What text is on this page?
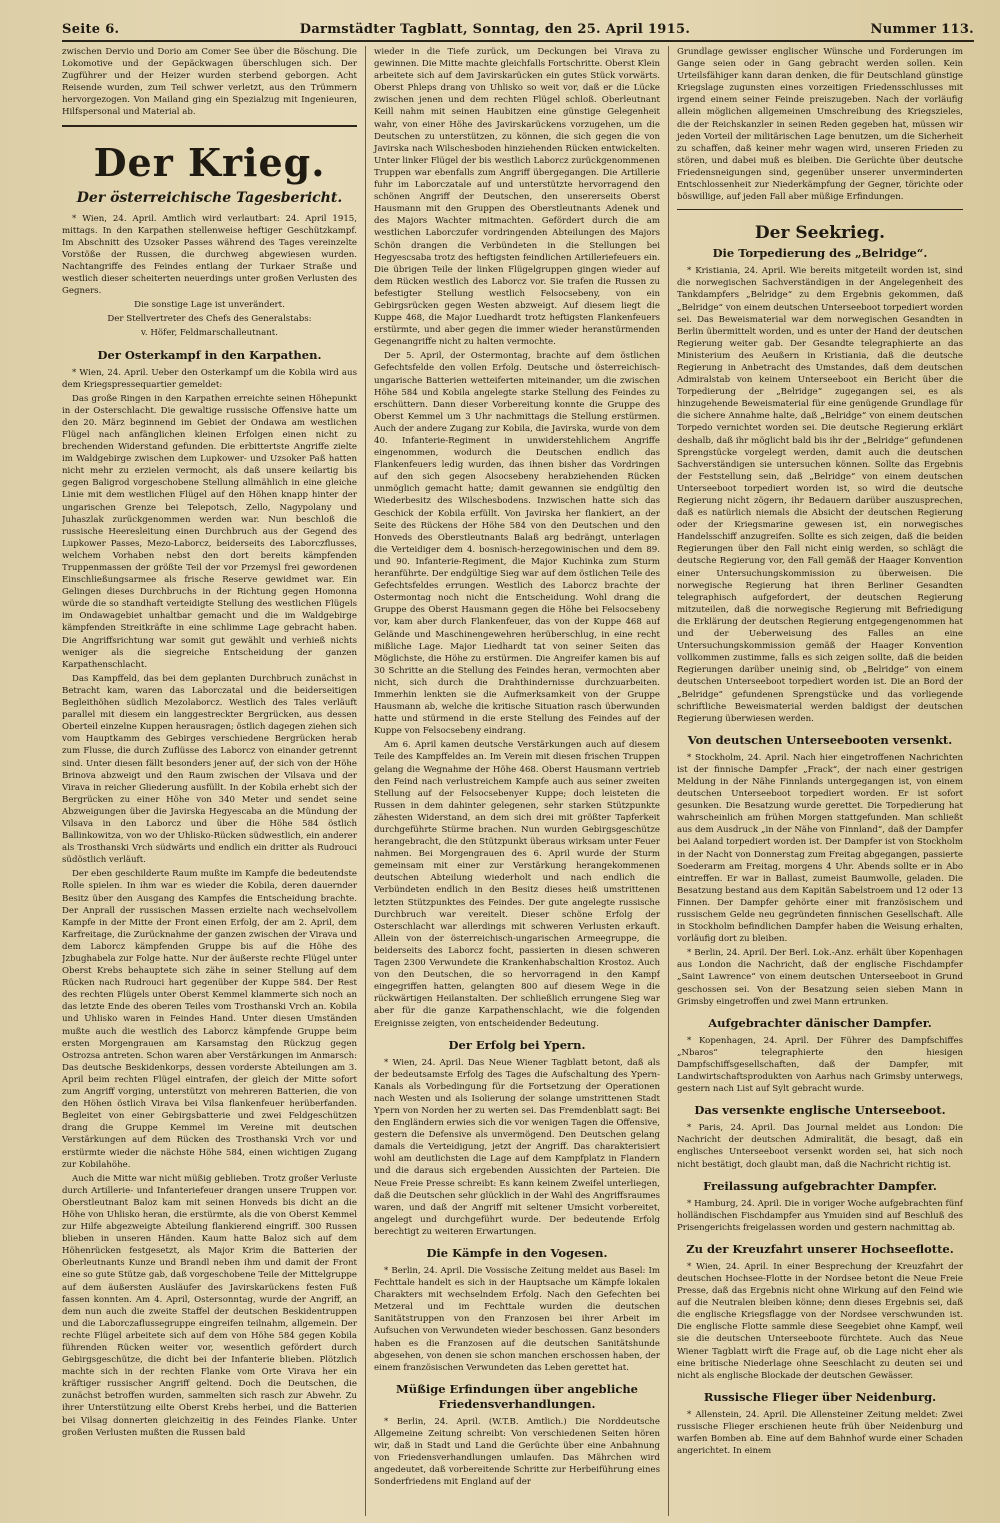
Seite 6.	Darmstädter Tagblatt, Sonntag, den 25. April 1915.	Nummer 113.

zwischen Dervio und Dorio am Comer See über die Böschung. Die Lokomotive und der Gepäckwagen überschlugen sich. Der Zugführer und der Heizer wurden sterbend geborgen. Acht Reisende wurden, zum Teil schwer verletzt, aus den Trümmern hervorgezogen. Von Mailand ging ein Spezialzug mit Ingenieuren, Hilfspersonal und Material ab.

Der Krieg.
Der österreichische Tagesbericht.

* Wien, 24. April. Amtlich wird verlautbart: 24. April 1915, mittags. In den Karpathen stellenweise heftiger Geschützkampf. Im Abschnitt des Uzsoker Passes während des Tages vereinzelte Vorstöße der Russen, die durchweg abgewiesen wurden. Nachtangriffe des Feindes entlang der Turkaer Straße und westlich dieser scheiterten neuerdings unter großen Verlusten des Gegners.

Die sonstige Lage ist unverändert.

Der Stellvertreter des Chefs des Generalstabs:

v. Höfer, Feldmarschalleutnant.

Der Osterkampf in den Karpathen.

* Wien, 24. April. Ueber den Osterkampf um die Kobila wird aus dem Kriegspressequartier gemeldet:

Das große Ringen in den Karpathen erreichte seinen Höhepunkt in der Osterschlacht. Die gewaltige russische Offensive hatte um den 20. März beginnend im Gebiet der Ondawa am westlichen Flügel nach anfänglichen kleinen Erfolgen einen nicht zu brechenden Widerstand gefunden. Die erbittertste Angriffe zielte im Waldgebirge zwischen dem Lupkower- und Uzsoker Paß hatten nicht mehr zu erzielen vermocht, als daß unsere keilartig bis gegen Baligrod vorgeschobene Stellung allmählich in eine gleiche Linie mit dem westlichen Flügel auf den Höhen knapp hinter der ungarischen Grenze bei Telepotsch, Zello, Nagypolany und Juhaszlak zurückgenommen werden war. Nun beschloß die russische Heeresleitung einen Durchbruch aus der Gegend des Lupkower Passes, Mezo-Laborcz, beiderseits des Laborczflusses, welchem Vorhaben nebst den dort bereits kämpfenden Truppenmassen der größte Teil der vor Przemysl frei gewordenen Einschließungsarmee als frische Reserve gewidmet war. Ein Gelingen dieses Durchbruchs in der Richtung gegen Homonna würde die so standhaft verteidigte Stellung des westlichen Flügels im Ondawagebiet unhaltbar gemacht und die im Waldgebirge kämpfenden Streitkräfte in eine schlimme Lage gebracht haben. Die Angriffsrichtung war somit gut gewählt und verhieß nichts weniger als die siegreiche Entscheidung der ganzen Karpathenschlacht.

Das Kampffeld, das bei dem geplanten Durchbruch zunächst in Betracht kam, waren das Laborczatal und die beiderseitigen Begleithöhen südlich Mezolaborcz. Westlich des Tales verläuft parallel mit diesem ein langgestreckter Bergrücken, aus dessen Oberteil einzelne Kuppen herausragen; östlich dagegen ziehen sich vom Hauptkamm des Gebirges verschiedene Bergrücken herab zum Flusse, die durch Zuflüsse des Laborcz von einander getrennt sind. Unter diesen fällt besonders jener auf, der sich von der Höhe Brinova abzweigt und den Raum zwischen der Vilsava und der Virava in reicher Gliederung ausfüllt. In der Kobila erhebt sich der Bergrücken zu einer Höhe von 340 Meter und sendet seine Abzweigungen über die Javirska Hegyescaba an die Mündung der Vilsava in den Laborcz und über die Höhe 584 östlich Ballinkowitza, von wo der Uhlisko-Rücken südwestlich, ein anderer als Trosthanski Vrch südwärts und endlich ein dritter als Rudrouci südöstlich verläuft.

Der eben geschilderte Raum mußte im Kampfe die bedeutendste Rolle spielen. In ihm war es wieder die Kobila, deren dauernder Besitz über den Ausgang des Kampfes die Entscheidung brachte. Der Anprall der russischen Massen erzielte nach wechselvollem Kampfe in der Mitte der Front einen Erfolg, der am 2. April, dem Karfreitage, die Zurücknahme der ganzen zwischen der Virava und dem Laborcz kämpfenden Gruppe bis auf die Höhe des Jzbughabela zur Folge hatte. Nur der äußerste rechte Flügel unter Oberst Krebs behauptete sich zähe in seiner Stellung auf dem Rücken nach Rudrouci hart gegenüber der Kuppe 584. Der Rest des rechten Flügels unter Oberst Kemmel klammerte sich noch an das letzte Ende des oberen Teiles vom Trosthanski Vrch an. Kobila und Uhlisko waren in Feindes Hand. Unter diesen Umständen mußte auch die westlich des Laborcz kämpfende Gruppe beim ersten Morgengrauen am Karsamstag den Rückzug gegen Ostrozsa antreten. Schon waren aber Verstärkungen im Anmarsch: Das deutsche Beskidenkorps, dessen vorderste Abteilungen am 3. April beim rechten Flügel eintrafen, der gleich der Mitte sofort zum Angriff vorging, unterstützt von mehreren Batterien, die von den Höhen östlich Virava bei Vilsa flankenfeuer herüberfanden. Begleitet von einer Gebirgsbatterie und zwei Feldgeschützen drang die Gruppe Kemmel im Vereine mit deutschen Verstärkungen auf dem Rücken des Trosthanski Vrch vor und erstürmte wieder die nächste Höhe 584, einen wichtigen Zugang zur Kobilahöhe.

Auch die Mitte war nicht müßig geblieben. Trotz großer Verluste durch Artillerie- und Infanteriefeuer drangen unsere Truppen vor. Oberstleutnant Baloz kam mit seinen Honveds bis dicht an die Höhe von Uhlisko heran, die erstürmte, als die von Oberst Kemmel zur Hilfe abgezweigte Abteilung flankierend eingriff. 300 Russen blieben in unseren Händen. Kaum hatte Baloz sich auf dem Höhenrücken festgesetzt, als Major Krim die Batterien der Oberleutnants Kunze und Brandl neben ihm und damit der Front eine so gute Stütze gab, daß vorgeschobene Teile der Mittelgruppe auf dem äußersten Ausläufer des Javirskarückens festen Fuß fassen konnten. Am 4. April, Ostersonntag, wurde der Angriff, an dem nun auch die zweite Staffel der deutschen Beskidentruppen und die Laborczaflussegruppe eingreifen teilnahm, allgemein. Der rechte Flügel arbeitete sich auf dem von Höhe 584 gegen Kobila führenden Rücken weiter vor, wesentlich gefördert durch Gebirgsgeschütze, die dicht bei der Infanterie blieben. Plötzlich machte sich in der rechten Flanke vom Orte Virava her ein kräftiger russischer Angriff geltend. Doch die Deutschen, die zunächst betroffen wurden, sammelten sich rasch zur Abwehr. Zu ihrer Unterstützung eilte Oberst Krebs herbei, und die Batterien bei Vilsag donnerten gleichzeitig in des Feindes Flanke. Unter großen Verlusten mußten die Russen bald

wieder in die Tiefe zurück, um Deckungen bei Virava zu gewinnen. Die Mitte machte gleichfalls Fortschritte. Oberst Klein arbeitete sich auf dem Javirskarücken ein gutes Stück vorwärts. Oberst Phleps drang von Uhlisko so weit vor, daß er die Lücke zwischen jenen und dem rechten Flügel schloß. Oberleutnant Keill nahm mit seinen Haubitzen eine günstige Gelegenheit wahr, von einer Höhe des Javirskarückens vorzugehen, um die Deutschen zu unterstützen, zu können, die sich gegen die von Javirska nach Wilschesboden hinziehenden Rücken entwickelten. Unter linker Flügel der bis westlich Laborcz zurückgenommenen Truppen war ebenfalls zum Angriff übergegangen. Die Artillerie fuhr im Laborczatale auf und unterstützte hervorragend den schönen Angriff der Deutschen, den unsererseits Oberst Hausmann mit den Gruppen des Oberstleutnants Adenek und des Majors Wachter mitmachten. Gefördert durch die am westlichen Laborczufer vordringenden Abteilungen des Majors Schön drangen die Verbündeten in die Stellungen bei Hegyescsaba trotz des heftigsten feindlichen Artilleriefeuers ein. Die übrigen Teile der linken Flügelgruppen gingen wieder auf dem Rücken westlich des Laborcz vor. Sie trafen die Russen zu befestigter Stellung westlich Felsocsebeny, von ein Gebirgsrücken gegen Westen abzweigt. Auf diesem liegt die Kuppe 468, die Major Luedhardt trotz heftigsten Flankenfeuers erstürmte, und aber gegen die immer wieder heranstürmenden Gegenangriffe nicht zu halten vermochte.

Der 5. April, der Ostermontag, brachte auf dem östlichen Gefechtsfelde den vollen Erfolg. Deutsche und österreichisch-ungarische Batterien wetteiferten miteinander, um die zwischen Höhe 584 und Kobila angelegte starke Stellung des Feindes zu erschüttern. Dann dieser Vorbereitung konnte die Gruppe des Oberst Kemmel um 3 Uhr nachmittags die Stellung erstürmen. Auch der andere Zugang zur Kobila, die Javirska, wurde von dem 40. Infanterie-Regiment in unwiderstehlichem Angriffe eingenommen, wodurch die Deutschen endlich das Flankenfeuers ledig wurden, das ihnen bisher das Vordringen auf den sich gegen Alsocsebeny herabziehenden Rücken unmöglich gemacht hatte; damit gewannen sie endgültig den Wiederbesitz des Wilschesbodens. Inzwischen hatte sich das Geschick der Kobila erfüllt. Von Javirska her flankiert, an der Seite des Rückens der Höhe 584 von den Deutschen und den Honveds des Oberstleutnants Balaß arg bedrängt, unterlagen die Verteidiger dem 4. bosnisch-herzegowinischen und dem 89. und 90. Infanterie-Regiment, die Major Kuchinka zum Sturm heranführte. Der endgültige Sieg war auf dem östlichen Teile des Gefechtsfeldes errungen. Westlich des Laborcz brachte der Ostermontag noch nicht die Entscheidung. Wohl drang die Gruppe des Oberst Hausmann gegen die Höhe bei Felsocsebeny vor, kam aber durch Flankenfeuer, das von der Kuppe 468 auf Gelände und Maschinengewehren herüberschlug, in eine recht mißliche Lage. Major Liedhardt tat von seiner Seiten das Möglichste, die Höhe zu erstürmen. Die Angreifer kamen bis auf 30 Schritte an die Stellung des Feindes heran, vermochten aber nicht, sich durch die Drahthindernisse durchzuarbeiten. Immerhin lenkten sie die Aufmerksamkeit von der Gruppe Hausmann ab, welche die kritische Situation rasch überwunden hatte und stürmend in die erste Stellung des Feindes auf der Kuppe von Felsocsebeny eindrang.

Am 6. April kamen deutsche Verstärkungen auch auf diesem Teile des Kampffeldes an. Im Verein mit diesen frischen Truppen gelang die Wegnahme der Höhe 468. Oberst Hausmann vertrieb den Feind nach verlustreichem Kampfe auch aus seiner zweiten Stellung auf der Felsocsebenyer Kuppe; doch leisteten die Russen in dem dahinter gelegenen, sehr starken Stützpunkte zähesten Widerstand, an dem sich drei mit größter Tapferkeit durchgeführte Stürme brachen. Nun wurden Gebirgsgeschütze herangebracht, die den Stützpunkt überaus wirksam unter Feuer nahmen. Bei Morgengrauen des 6. April wurde der Sturm gemeinsam mit einer zur Verstärkung herangekommenen deutschen Abteilung wiederholt und nach endlich die Verbündeten endlich in den Besitz dieses heiß umstrittenen letzten Stützpunktes des Feindes. Der gute angelegte russische Durchbruch war vereitelt. Dieser schöne Erfolg der Osterschlacht war allerdings mit schweren Verlusten erkauft. Allein von der österreichisch-ungarischen Armeegruppe, die beiderseits des Laborcz focht, passierten in diesen schweren Tagen 2300 Verwundete die Krankenhabschaltion Krostoz. Auch von den Deutschen, die so hervorragend in den Kampf eingegriffen hatten, gelangten 800 auf diesem Wege in die rückwärtigen Heilanstalten. Der schließlich errungene Sieg war aber für die ganze Karpathenschlacht, wie die folgenden Ereignisse zeigten, von entscheidender Bedeutung.

Der Erfolg bei Ypern.

* Wien, 24. April. Das Neue Wiener Tagblatt betont, daß als der bedeutsamste Erfolg des Tages die Aufschaltung des Ypern-Kanals als Vorbedingung für die Fortsetzung der Operationen nach Westen und als Isolierung der solange umstrittenen Stadt Ypern von Norden her zu werten sei. Das Fremdenblatt sagt: Bei den Engländern erwies sich die vor wenigen Tagen die Offensive, gestern die Defensive als unvermögend. Den Deutschen gelang damals die Verteidigung, jetzt der Angriff. Das charakterisiert wohl am deutlichsten die Lage auf dem Kampfplatz in Flandern und die daraus sich ergebenden Aussichten der Parteien. Die Neue Freie Presse schreibt: Es kann keinem Zweifel unterliegen, daß die Deutschen sehr glücklich in der Wahl des Angriffsraumes waren, und daß der Angriff mit seltener Umsicht vorbereitet, angelegt und durchgeführt wurde. Der bedeutende Erfolg berechtigt zu weiteren Erwartungen.

Die Kämpfe in den Vogesen.

* Berlin, 24. April. Die Vossische Zeitung meldet aus Basel: Im Fechttale handelt es sich in der Hauptsache um Kämpfe lokalen Charakters mit wechselndem Erfolg. Nach den Gefechten bei Metzeral und im Fechttale wurden die deutschen Sanitätstruppen von den Franzosen bei ihrer Arbeit im Aufsuchen von Verwundeten wieder beschossen. Ganz besonders haben es die Franzosen auf die deutschen Sanitätshunde abgesehen, von denen sie schon manchen erschossen haben, der einem französischen Verwundeten das Leben gerettet hat.

Müßige Erfindungen über angebliche Friedensverhandlungen.

* Berlin, 24. April. (W.T.B. Amtlich.) Die Norddeutsche Allgemeine Zeitung schreibt: Von verschiedenen Seiten hören wir, daß in Stadt und Land die Gerüchte über eine Anbahnung von Friedensverhandlungen umlaufen. Das Mährchen wird angedeutet, daß vorbereitende Schritte zur Herbeiführung eines Sonderfriedens mit England auf der

Grundlage gewisser englischer Wünsche und Forderungen im Gange seien oder in Gang gebracht werden sollen. Kein Urteilsfähiger kann daran denken, die für Deutschland günstige Kriegslage zugunsten eines vorzeitigen Friedensschlusses mit irgend einem seiner Feinde preiszugeben. Nach der vorläufig allein möglichen allgemeinen Umschreibung des Kriegszieles, die der Reichskanzler in seinen Reden gegeben hat, müssen wir jeden Vorteil der militärischen Lage benutzen, um die Sicherheit zu schaffen, daß keiner mehr wagen wird, unseren Frieden zu stören, und dabei muß es bleiben. Die Gerüchte über deutsche Friedensneigungen sind, gegenüber unserer unverminderten Entschlossenheit zur Niederkämpfung der Gegner, törichte oder böswillige, auf jeden Fall aber müßige Erfindungen.

Der Seekrieg.
Die Torpedierung des „Belridge“.

* Kristiania, 24. April. Wie bereits mitgeteilt worden ist, sind die norwegischen Sachverständigen in der Angelegenheit des Tankdampfers „Belridge“ zu dem Ergebnis gekommen, daß „Belridge“ von einem deutschen Unterseeboot torpediert worden sei. Das Beweismaterial war dem norwegischen Gesandten in Berlin übermittelt worden, und es unter der Hand der deutschen Regierung weiter gab. Der Gesandte telegraphierte an das Ministerium des Aeußern in Kristiania, daß die deutsche Regierung in Anbetracht des Umstandes, daß dem deutschen Admiralstab von keinem Unterseeboot ein Bericht über die Torpedierung der „Belridge“ zugegangen sei, es als hinzugehende Beweismaterial für eine genügende Grundlage für die sichere Annahme halte, daß „Belridge“ von einem deutschen Torpedo vernichtet worden sei. Die deutsche Regierung erklärt deshalb, daß ihr möglicht bald bis ihr der „Belridge“ gefundenen Sprengstücke vorgelegt werden, damit auch die deutschen Sachverständigen sie untersuchen können. Sollte das Ergebnis der Feststellung sein, daß „Belridge“ von einem deutschen Unterseeboot torpediert worden ist, so wird die deutsche Regierung nicht zögern, ihr Bedauern darüber auszusprechen, daß es natürlich niemals die Absicht der deutschen Regierung oder der Kriegsmarine gewesen ist, ein norwegisches Handelsschiff anzugreifen. Sollte es sich zeigen, daß die beiden Regierungen über den Fall nicht einig werden, so schlägt die deutsche Regierung vor, den Fall gemäß der Haager Konvention einer Untersuchungskommission zu überweisen. Die norwegische Regierung hat ihren Berliner Gesandten telegraphisch aufgefordert, der deutschen Regierung mitzuteilen, daß die norwegische Regierung mit Befriedigung die Erklärung der deutschen Regierung entgegengenommen hat und der Ueberweisung des Falles an eine Untersuchungskommission gemäß der Haager Konvention vollkommen zustimme, falls es sich zeigen sollte, daß die beiden Regierungen darüber uneinig sind, ob „Belridge“ von einem deutschen Unterseeboot torpediert worden ist. Die an Bord der „Belridge“ gefundenen Sprengstücke und das vorliegende schriftliche Beweismaterial werden baldigst der deutschen Regierung überwiesen werden.

Von deutschen Unterseebooten versenkt.

* Stockholm, 24. April. Nach hier eingetroffenen Nachrichten ist der finnische Dampfer „Frack“, der nach einer gestrigen Meldung in der Nähe Finnlands untergegangen ist, von einem deutschen Unterseeboot torpediert worden. Er ist sofort gesunken. Die Besatzung wurde gerettet. Die Torpedierung hat wahrscheinlich am frühen Morgen stattgefunden. Man schließt aus dem Ausdruck „in der Nähe von Finnland“, daß der Dampfer bei Aaland torpediert worden ist. Der Dampfer ist von Stockholm in der Nacht von Donnerstag zum Freitag abgegangen, passierte Soederarm am Freitag, morgens 4 Uhr. Abends sollte er in Abo eintreffen. Er war in Ballast, zumeist Baumwolle, geladen. Die Besatzung bestand aus dem Kapitän Sabelstroem und 12 oder 13 Finnen. Der Dampfer gehörte einer mit französischem und russischem Gelde neu gegründeten finnischen Gesellschaft. Alle in Stockholm befindlichen Dampfer haben die Weisung erhalten, vorläufig dort zu bleiben.

* Berlin, 24. April. Der Berl. Lok.-Anz. erhält über Kopenhagen aus London die Nachricht, daß der englische Fischdampfer „Saint Lawrence“ von einem deutschen Unterseeboot in Grund geschossen sei. Von der Besatzung seien sieben Mann in Grimsby eingetroffen und zwei Mann ertrunken.

Aufgebrachter dänischer Dampfer.

* Kopenhagen, 24. April. Der Führer des Dampfschiffes „Nbaros“ telegraphierte den hiesigen Dampfschiffsgesellschaften, daß der Dampfer, mit Landwirtschaftsprodukten von Aarhus nach Grimsby unterwegs, gestern nach List auf Sylt gebracht wurde.

Das versenkte englische Unterseeboot.

* Paris, 24. April. Das Journal meldet aus London: Die Nachricht der deutschen Admiralität, die besagt, daß ein englisches Unterseeboot versenkt worden sei, hat sich noch nicht bestätigt, doch glaubt man, daß die Nachricht richtig ist.

Freilassung aufgebrachter Dampfer.

* Hamburg, 24. April. Die in voriger Woche aufgebrachten fünf holländischen Fischdampfer aus Ymuiden sind auf Beschluß des Prisengerichts freigelassen worden und gestern nachmittag ab.

Zu der Kreuzfahrt unserer Hochseeflotte.

* Wien, 24. April. In einer Besprechung der Kreuzfahrt der deutschen Hochsee-Flotte in der Nordsee betont die Neue Freie Presse, daß das Ergebnis nicht ohne Wirkung auf den Feind wie auf die Neutralen bleiben könne; denn dieses Ergebnis sei, daß die englische Kriegsflagge von der Nordsee verschwunden ist. Die englische Flotte sammle diese Seegebiet ohne Kampf, weil sie die deutschen Unterseeboote fürchtete. Auch das Neue Wiener Tagblatt wirft die Frage auf, ob die Lage nicht eher als eine britische Niederlage ohne Seeschlacht zu deuten sei und nicht als englische Blockade der deutschen Gewässer.

Russische Flieger über Neidenburg.

* Allenstein, 24. April. Die Allensteiner Zeitung meldet: Zwei russische Flieger erschienen heute früh über Neidenburg und warfen Bomben ab. Eine auf dem Bahnhof wurde einer Schaden angerichtet. In einem
